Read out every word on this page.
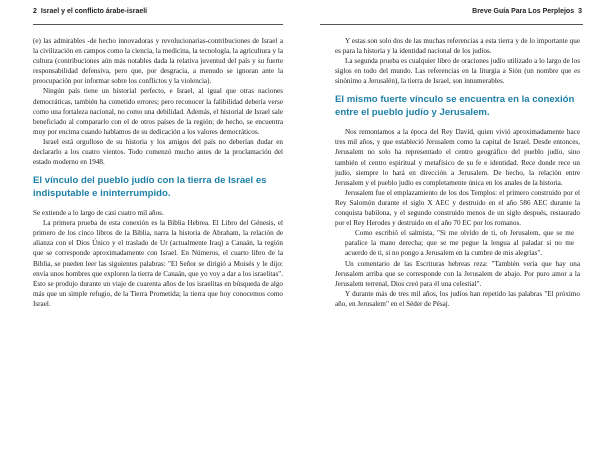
2 Israel y el conflicto árabe-israelí

(e) las admirables -de hecho innovadoras y revolucionarias-contribuciones de Israel a la civilización en campos como la ciencia, la medicina, la tecnología, la agricultura y la cultura (contribuciones aún más notables dada la relativa juventud del país y su fuerte responsabilidad defensiva, pero que, por desgracia, a menudo se ignoran ante la preocupación por informar sobre los conflictos y la violencia).

Ningún país tiene un historial perfecto, e Israel, al igual que otras naciones democráticas, también ha cometido errores; pero reconocer la falibilidad debería verse como una fortaleza nacional, no como una debilidad. Además, el historial de Israel sale beneficiado al compararlo con el de otros países de la región; de hecho, se encuentra muy por encima cuando hablamos de su dedicación a los valores democráticos.

Israel está orgulloso de su historia y los amigos del país no deberían dudar en declararlo a los cuatro vientos. Todo comenzó mucho antes de la proclamación del estado moderno en 1948.

El vínculo del pueblo judío con la tierra de Israel es indisputable e ininterrumpido.

Se extiende a lo largo de casi cuatro mil años.

La primera prueba de esta conexión es la Biblia Hebrea. El Libro del Génesis, el primero de los cinco libros de la Biblia, narra la historia de Abraham, la relación de alianza con el Dios Único y el traslado de Ur (actualmente Iraq) a Canaán, la región que se corresponde aproximadamente con Israel. En Números, el cuarto libro de la Biblia, se pueden leer las siguientes palabras: "El Señor se dirigió a Moisés y le dijo: envía unos hombres que exploren la tierra de Canaán, que yo voy a dar a los israelitas". Esto se produjo durante un viaje de cuarenta años de los israelitas en búsqueda de algo más que un simple refugio, de la Tierra Prometida; la tierra que hoy conocemos como Israel.

Breve Guía Para Los Perplejos 3

Y estas son solo dos de las muchas referencias a esta tierra y de lo importante que es para la historia y la identidad nacional de los judíos.

La segunda prueba es cualquier libro de oraciones judío utilizado a lo largo de los siglos en todo del mundo. Las referencias en la liturgia a Sión (un nombre que es sinónimo a Jerusalén), la tierra de Israel, son innumerables.

El mismo fuerte vínculo se encuentra en la conexión entre el pueblo judío y Jerusalem.

Nos remontamos a la época del Rey David, quien vivió aproximadamente hace tres mil años, y que estableció Jerusalem como la capital de Israel. Desde entonces, Jerusalem no solo ha representado el centro geográfico del pueblo judío, sino también el centro espiritual y metafísico de su fe e identidad. Rece donde rece un judío, siempre lo hará en dirección a Jerusalem. De hecho, la relación entre Jerusalem y el pueblo judío es completamente única en los anales de la historia.

Jerusalem fue el emplazamiento de los dos Templos: el primero construido por el Rey Salomón durante el siglo X AEC y destruido en el año 586 AEC durante la conquista babilona, y el segundo construido menos de un siglo después, restaurado por el Rey Herodes y destruido en el año 70 EC por los romanos.

Como escribió el salmista, "Si me olvido de ti, oh Jerusalem, que se me paralice la mano derecha; que se me pegue la lengua al paladar si no me acuerdo de ti, si no pongo a Jerusalem en la cumbre de mis alegrías".

Un comentario de las Escrituras hebreas reza: "También vería que hay una Jerusalem arriba que se corresponde con la Jerusalem de abajo. Por puro amor a la Jerusalem terrenal, Dios creó para él una celestial".

Y durante más de tres mil años, los judíos han repetido las palabras "El próximo año, en Jerusalem" en el Séder de Pésaj.
